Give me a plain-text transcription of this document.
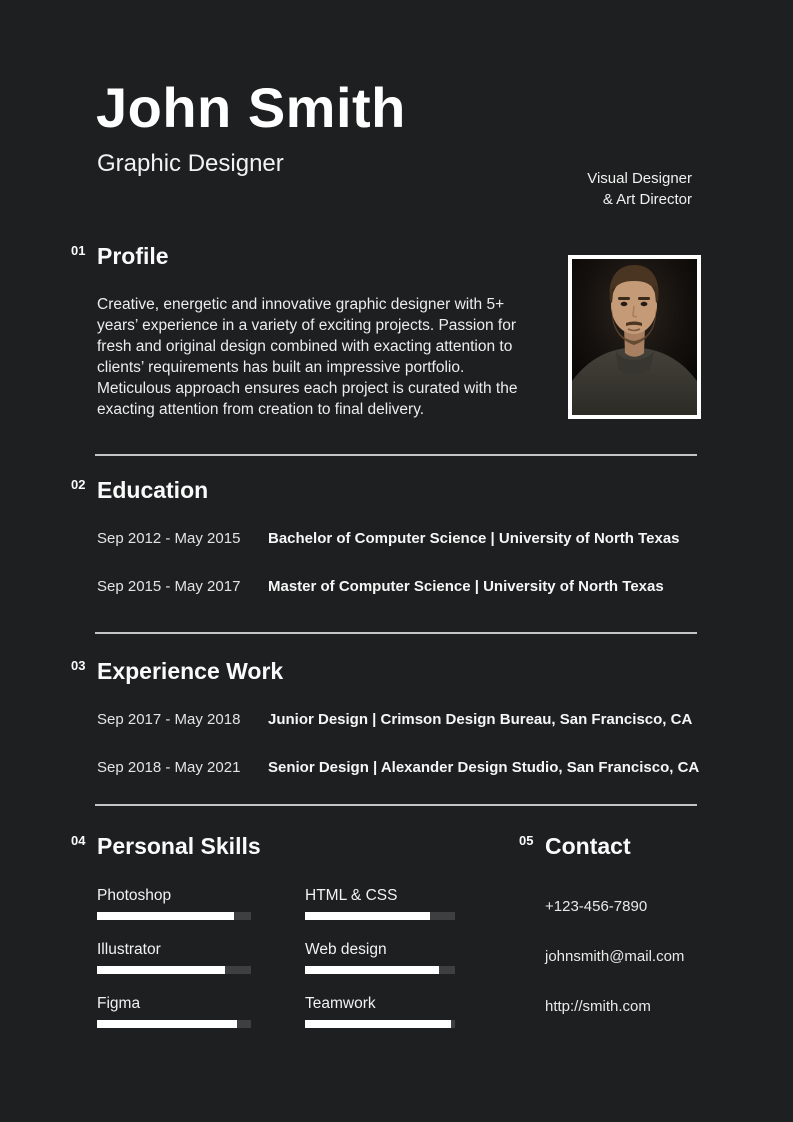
John Smith
Graphic Designer
Visual Designer
& Art Director
01 Profile
Creative, energetic and innovative graphic designer with 5+ years’ experience in a variety of exciting projects. Passion for fresh and original design combined with exacting attention to clients’ requirements has built an impressive portfolio. Meticulous approach ensures each project is curated with the exacting attention from creation to final delivery.
02 Education
Sep 2012 - May 2015	Bachelor of Computer Science | University of North Texas
Sep 2015 - May 2017	Master of Computer Science | University of North Texas
03 Experience Work
Sep 2017 - May 2018	Junior Design | Crimson Design Bureau, San Francisco, CA
Sep 2018 - May 2021	Senior Design | Alexander Design Studio, San Francisco, CA
04 Personal Skills
Photoshop	HTML & CSS
Illustrator	Web design
Figma	Teamwork
05 Contact
+123-456-7890
johnsmith@mail.com
http://smith.com
